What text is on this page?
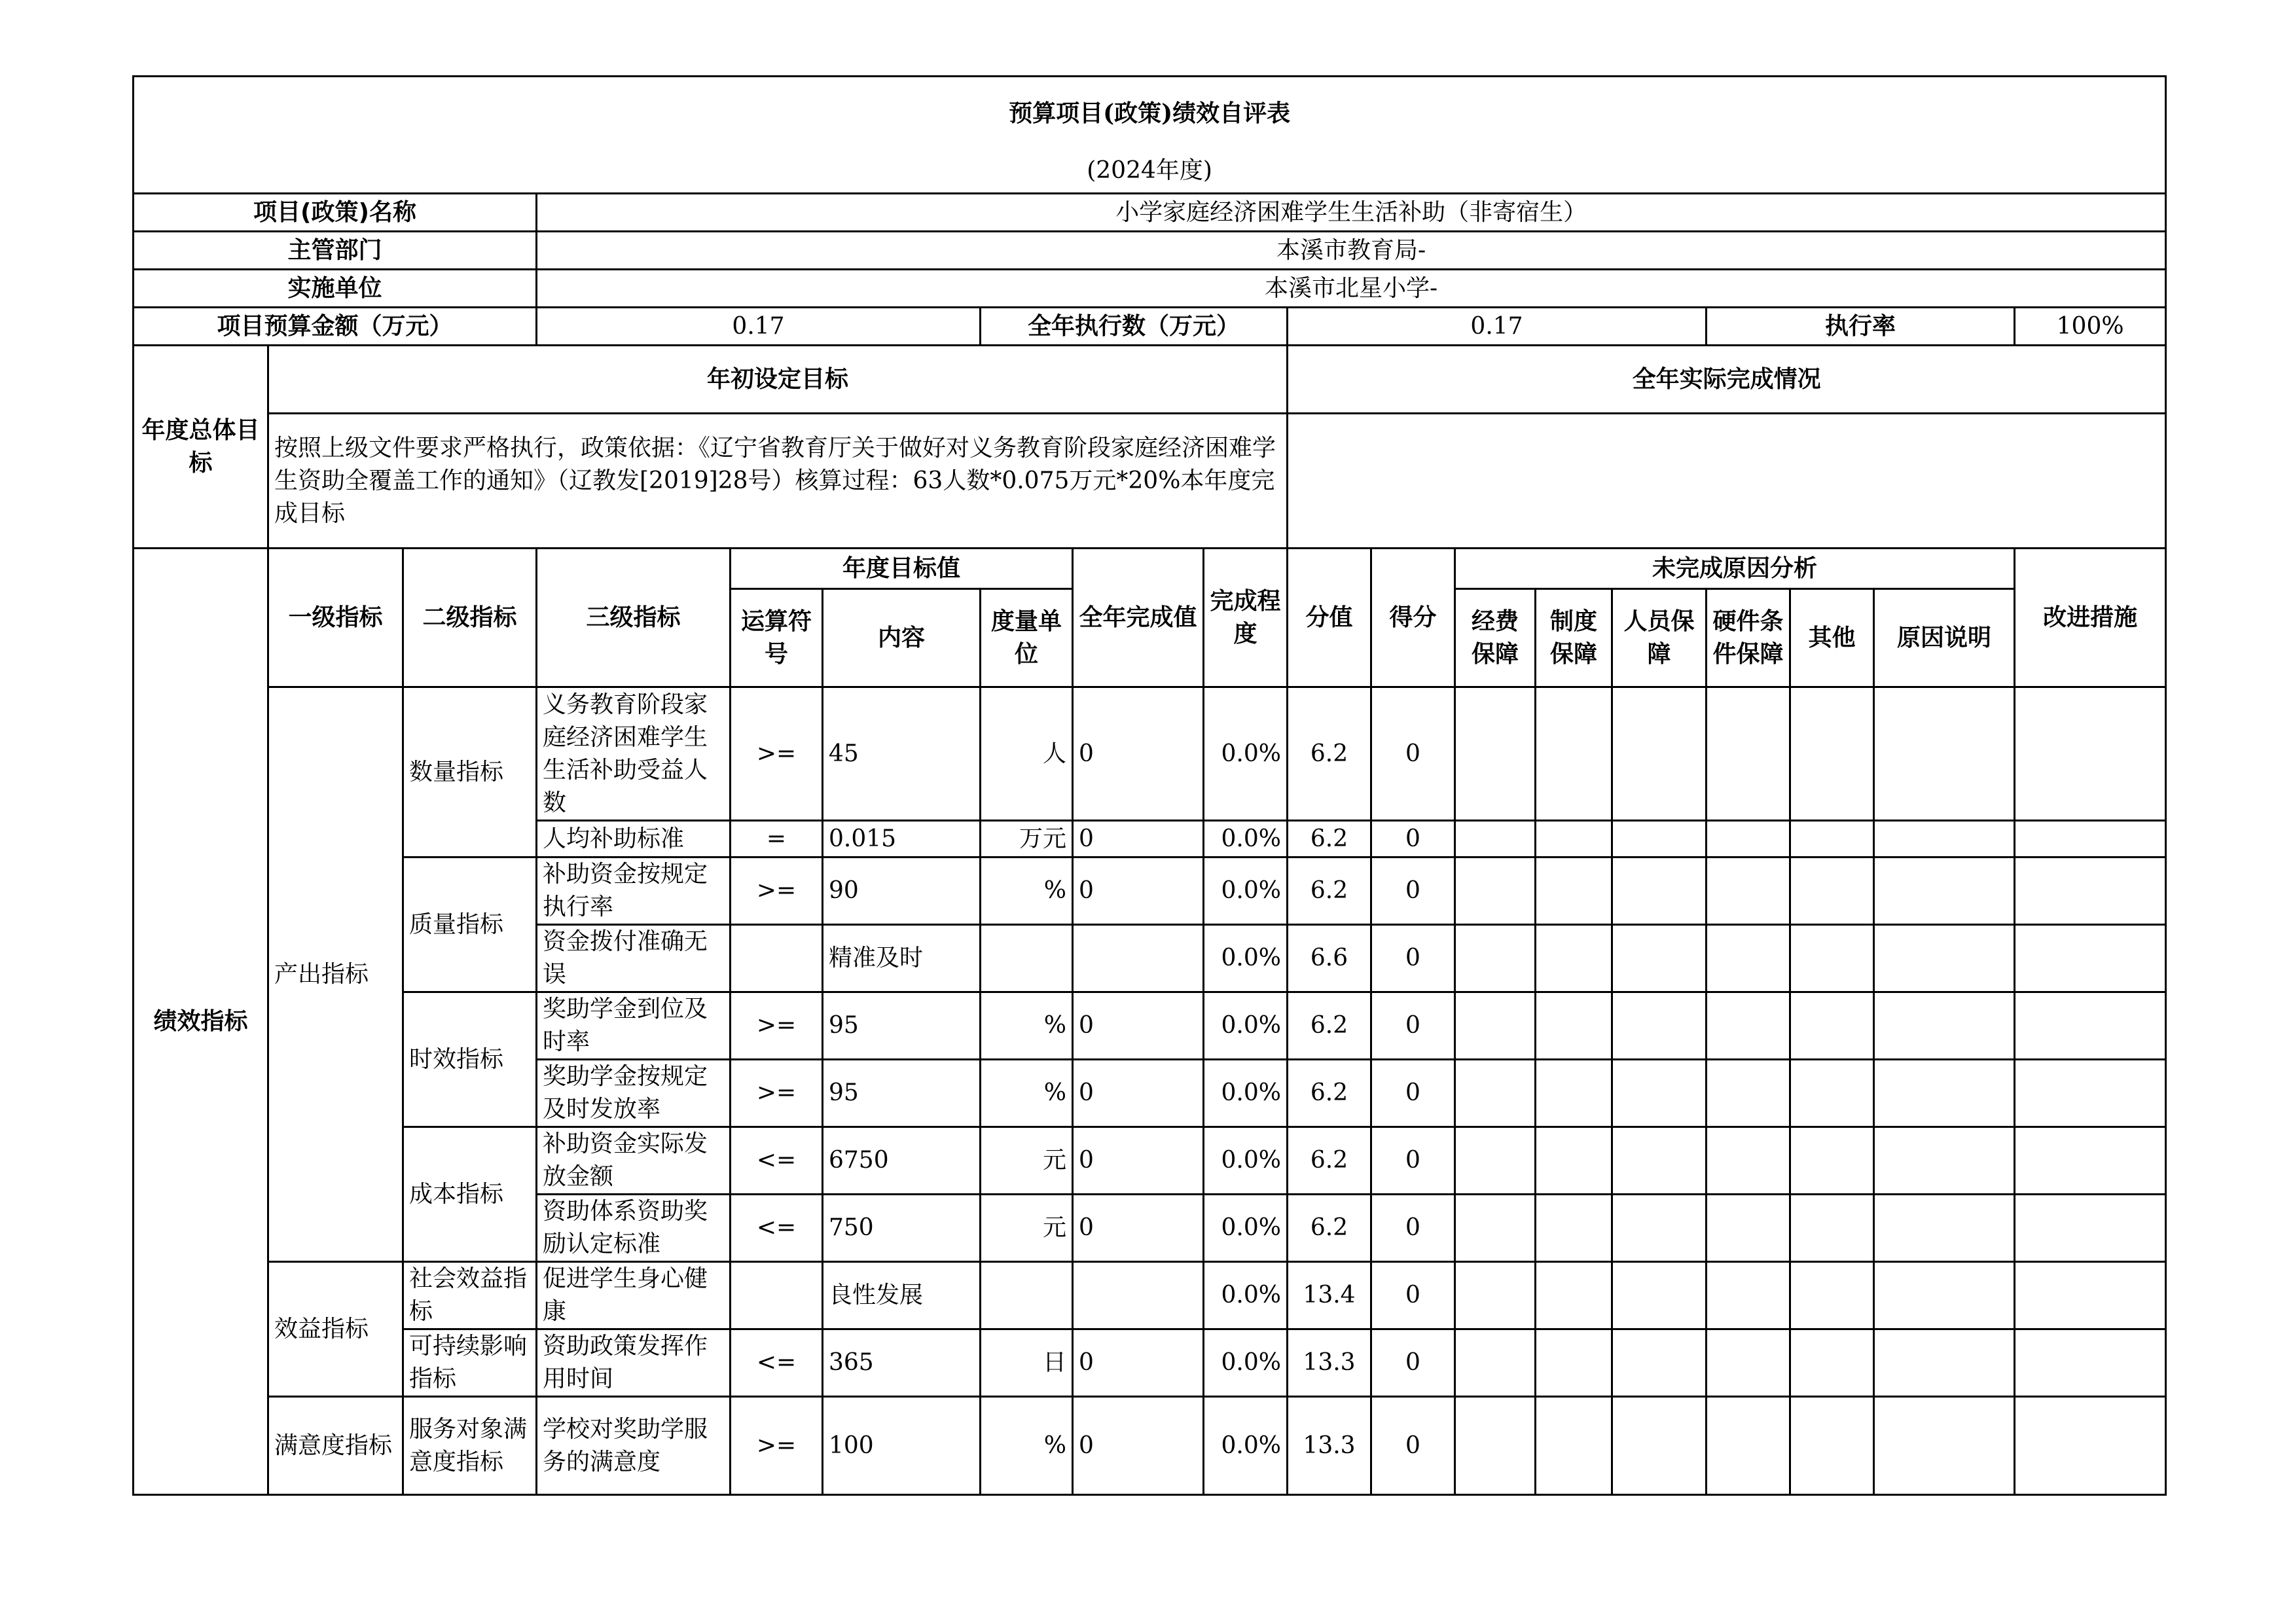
预算项目(政策)绩效自评表																	
(2024年度)																	
项目(政策)名称			小学家庭经济困难学生生活补助（非寄宿生）														
主管部门			本溪市教育局-														
实施单位			本溪市北星小学-														
项目预算金额（万元）			0.17			全年执行数（万元）			0.17					执行率			100%
年度总体目标	年初设定目标								全年实际完成情况								
	按照上级文件要求严格执行，政策依据：《辽宁省教育厅关于做好对义务教育阶段家庭经济困难学生资助全覆盖工作的通知》（辽教发[2019]28号）核算过程：63人数*0.075万元*20%本年度完成目标																
绩效指标	一级指标	二级指标	三级指标	年度目标值			全年完成值	完成程度	分值	得分	未完成原因分析						改进措施
				运算符号	内容	度量单位					经费保障	制度保障	人员保障	硬件条件保障	其他	原因说明	
	产出指标	数量指标	义务教育阶段家庭经济困难学生生活补助受益人数	>=	45	人	0	0.0%	6.2	0							
			人均补助标准	=	0.015	万元	0	0.0%	6.2	0							
		质量指标	补助资金按规定执行率	>=	90	%	0	0.0%	6.2	0							
			资金拨付准确无误		精准及时			0.0%	6.6	0							
		时效指标	奖助学金到位及时率	>=	95	%	0	0.0%	6.2	0							
			奖助学金按规定及时发放率	>=	95	%	0	0.0%	6.2	0							
		成本指标	补助资金实际发放金额	<=	6750	元	0	0.0%	6.2	0							
			资助体系资助奖励认定标准	<=	750	元	0	0.0%	6.2	0							
	效益指标	社会效益指标	促进学生身心健康		良性发展			0.0%	13.4	0							
		可持续影响指标	资助政策发挥作用时间	<=	365	日	0	0.0%	13.3	0							
	满意度指标	服务对象满意度指标	学校对奖助学服务的满意度	>=	100	%	0	0.0%	13.3	0							
